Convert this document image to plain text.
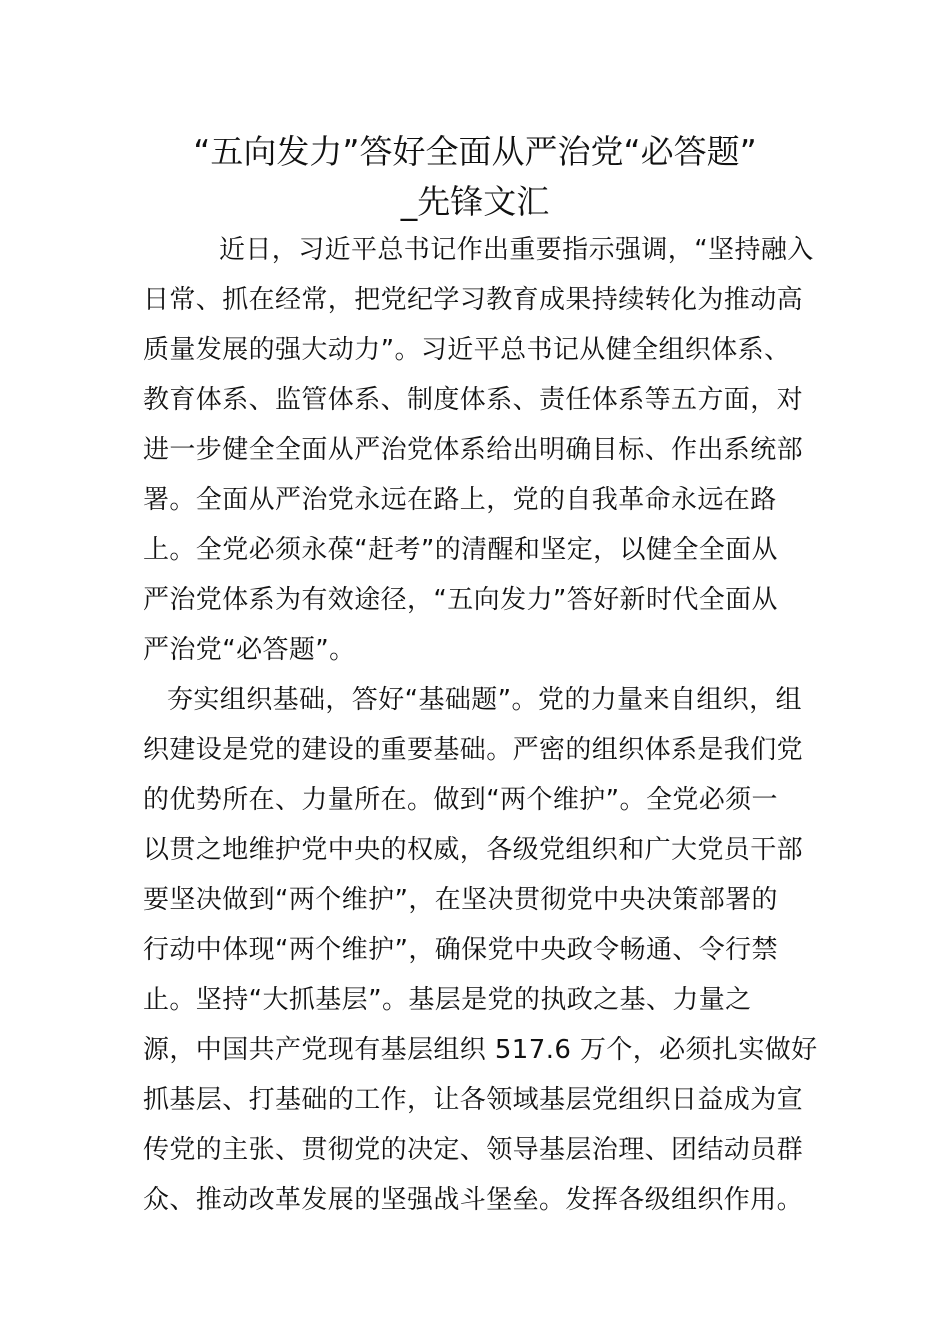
“五向发力”答好全面从严治党“必答题”
_先锋文汇

近日，习近平总书记作出重要指示强调，“坚持融入

日常、抓在经常，把党纪学习教育成果持续转化为推动高

质量发展的强大动力”。习近平总书记从健全组织体系、

教育体系、监管体系、制度体系、责任体系等五方面，对

进一步健全全面从严治党体系给出明确目标、作出系统部

署。全面从严治党永远在路上，党的自我革命永远在路

上。全党必须永葆“赶考”的清醒和坚定，以健全全面从

严治党体系为有效途径，“五向发力”答好新时代全面从

严治党“必答题”。

夯实组织基础，答好“基础题”。党的力量来自组织，组

织建设是党的建设的重要基础。严密的组织体系是我们党

的优势所在、力量所在。做到“两个维护”。全党必须一

以贯之地维护党中央的权威，各级党组织和广大党员干部

要坚决做到“两个维护”，在坚决贯彻党中央决策部署的

行动中体现“两个维护”，确保党中央政令畅通、令行禁

止。坚持“大抓基层”。基层是党的执政之基、力量之

源，中国共产党现有基层组织 517.6 万个，必须扎实做好

抓基层、打基础的工作，让各领域基层党组织日益成为宣

传党的主张、贯彻党的决定、领导基层治理、团结动员群

众、推动改革发展的坚强战斗堡垒。发挥各级组织作用。
